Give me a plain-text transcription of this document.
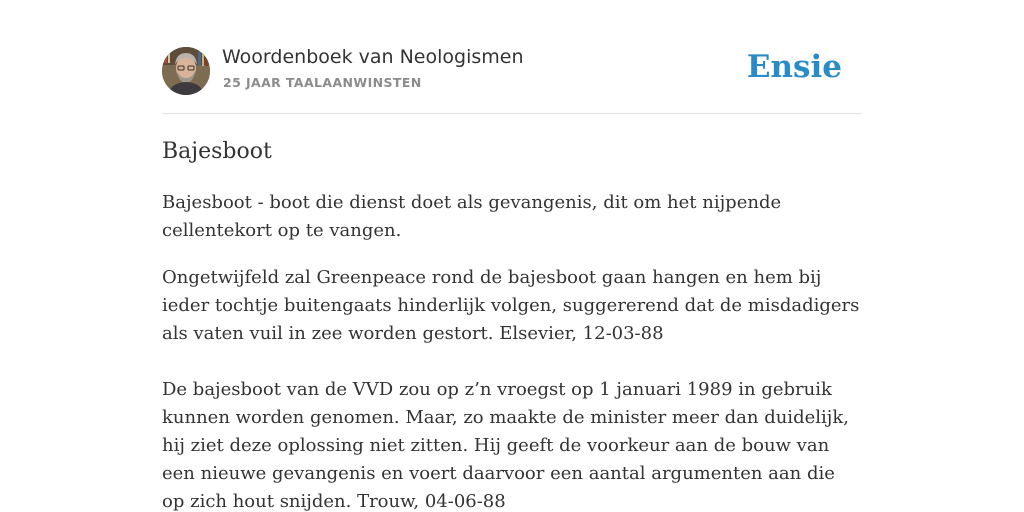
Woordenboek van Neologismen
25 JAAR TAALAANWINSTEN	Ensie
Bajesboot

Bajesboot - boot die dienst doet als gevangenis, dit om het nijpende cellentekort op te vangen.

Ongetwijfeld zal Greenpeace rond de bajesboot gaan hangen en hem bij ieder tochtje buitengaats hinderlijk volgen, suggererend dat de misdadigers als vaten vuil in zee worden gestort. Elsevier, 12-03-88

De bajesboot van de VVD zou op z’n vroegst op 1 januari 1989 in gebruik kunnen worden genomen. Maar, zo maakte de minister meer dan duidelijk, hij ziet deze oplossing niet zitten. Hij geeft de voorkeur aan de bouw van een nieuwe gevangenis en voert daarvoor een aantal argumenten aan die op zich hout snijden. Trouw, 04-06-88
